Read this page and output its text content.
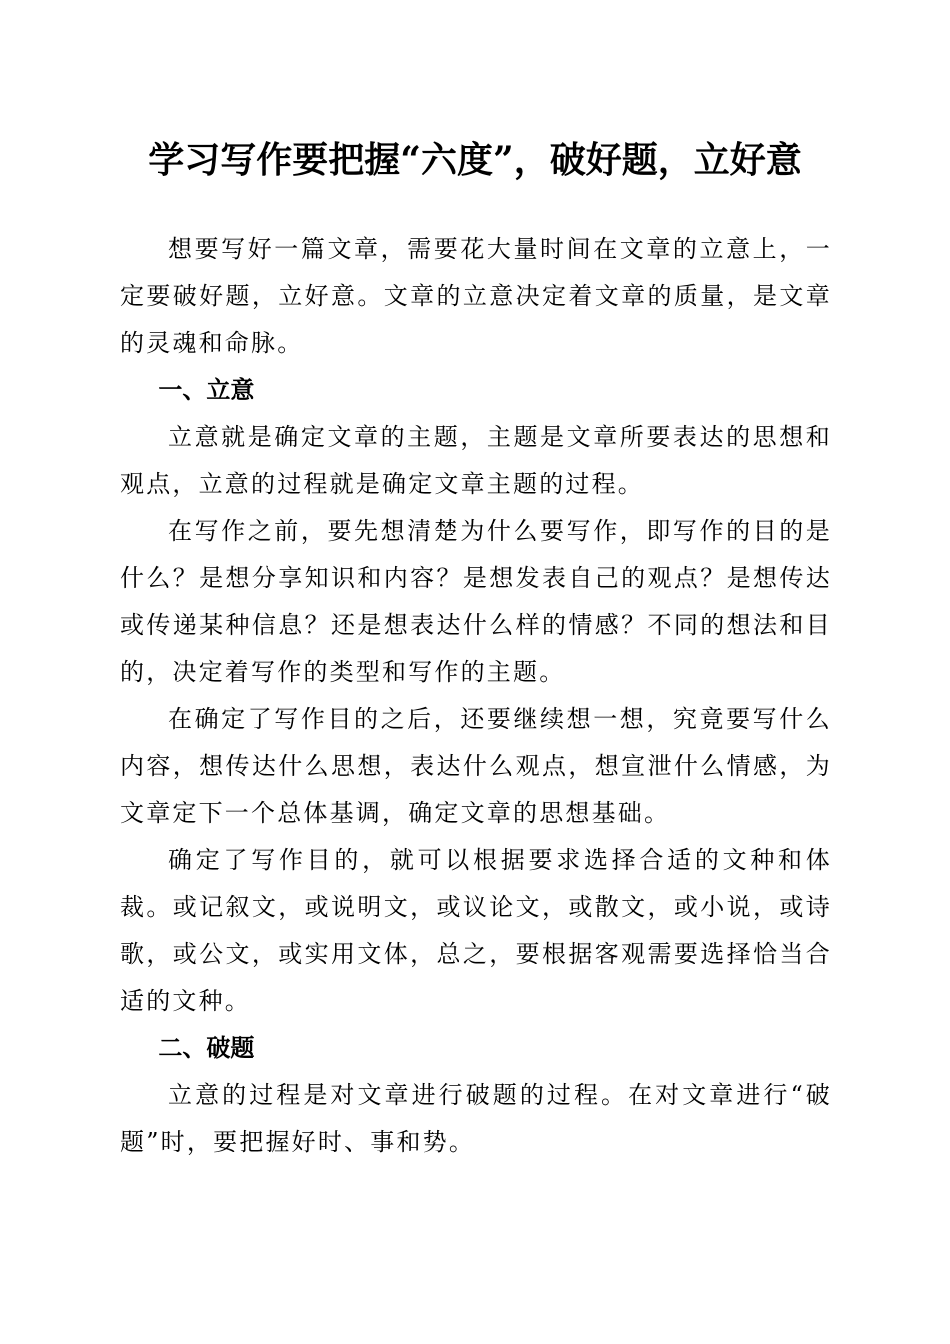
学习写作要把握“六度”，破好题，立好意

想要写好一篇文章，需要花大量时间在文章的立意上，一定要破好题，立好意。文章的立意决定着文章的质量，是文章的灵魂和命脉。

一、立意

立意就是确定文章的主题，主题是文章所要表达的思想和观点，立意的过程就是确定文章主题的过程。

在写作之前，要先想清楚为什么要写作，即写作的目的是什么？是想分享知识和内容？是想发表自己的观点？是想传达或传递某种信息？还是想表达什么样的情感？不同的想法和目的，决定着写作的类型和写作的主题。

在确定了写作目的之后，还要继续想一想，究竟要写什么内容，想传达什么思想，表达什么观点，想宣泄什么情感，为文章定下一个总体基调，确定文章的思想基础。

确定了写作目的，就可以根据要求选择合适的文种和体裁。或记叙文，或说明文，或议论文，或散文，或小说，或诗歌，或公文，或实用文体，总之，要根据客观需要选择恰当合适的文种。

二、破题

立意的过程是对文章进行破题的过程。在对文章进行“破题”时，要把握好时、事和势。
